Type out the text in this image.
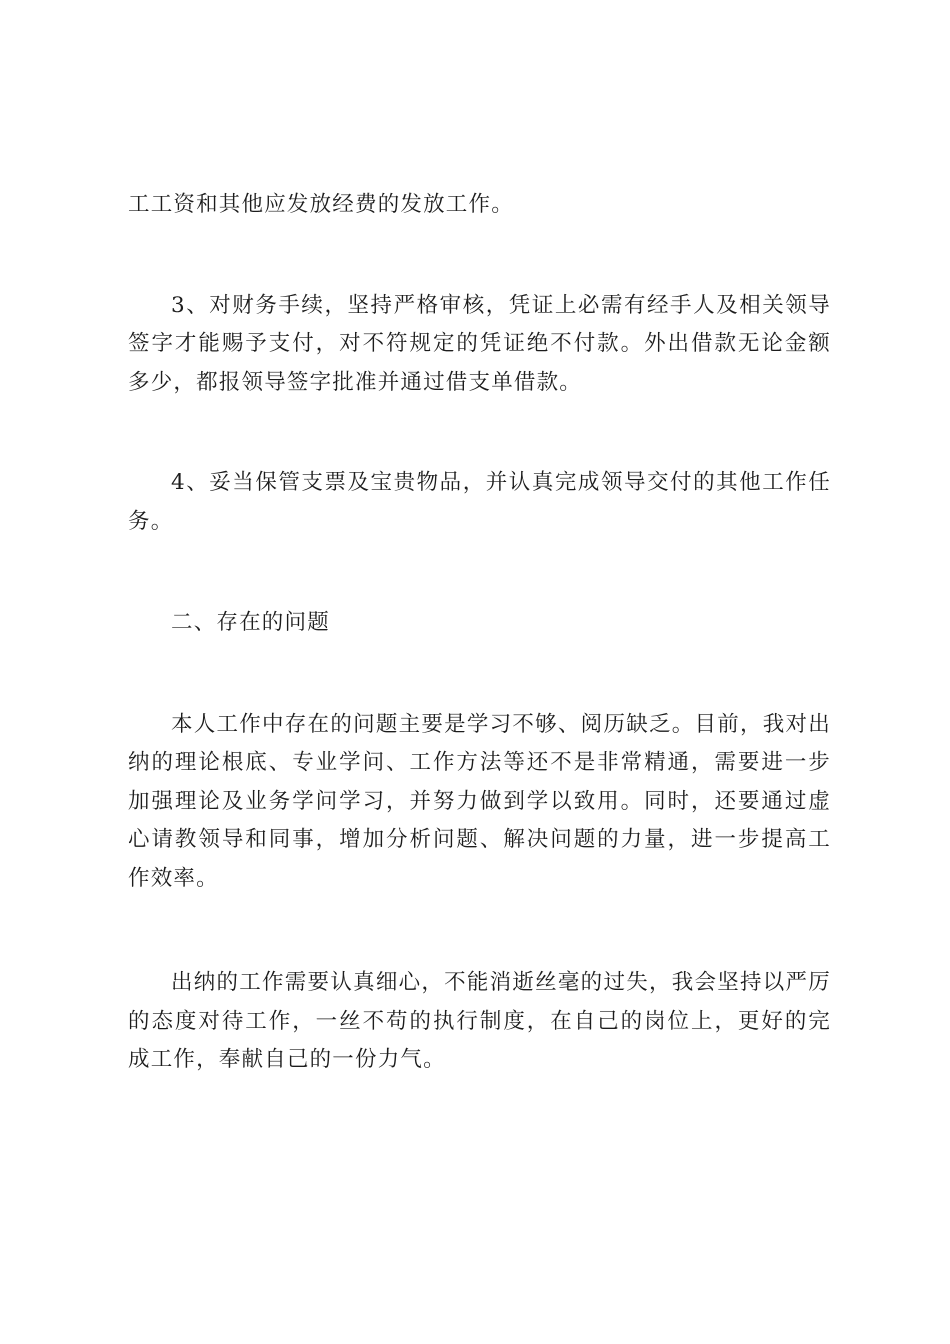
工工资和其他应发放经费的发放工作。

3、对财务手续，坚持严格审核，凭证上必需有经手人及相关领导签字才能赐予支付，对不符规定的凭证绝不付款。外出借款无论金额多少，都报领导签字批准并通过借支单借款。

4、妥当保管支票及宝贵物品，并认真完成领导交付的其他工作任务。

二、存在的问题

本人工作中存在的问题主要是学习不够、阅历缺乏。目前，我对出纳的理论根底、专业学问、工作方法等还不是非常精通，需要进一步加强理论及业务学问学习，并努力做到学以致用。同时，还要通过虚心请教领导和同事，增加分析问题、解决问题的力量，进一步提高工作效率。

出纳的工作需要认真细心，不能消逝丝毫的过失，我会坚持以严厉的态度对待工作，一丝不苟的执行制度，在自己的岗位上，更好的完成工作，奉献自己的一份力气。
